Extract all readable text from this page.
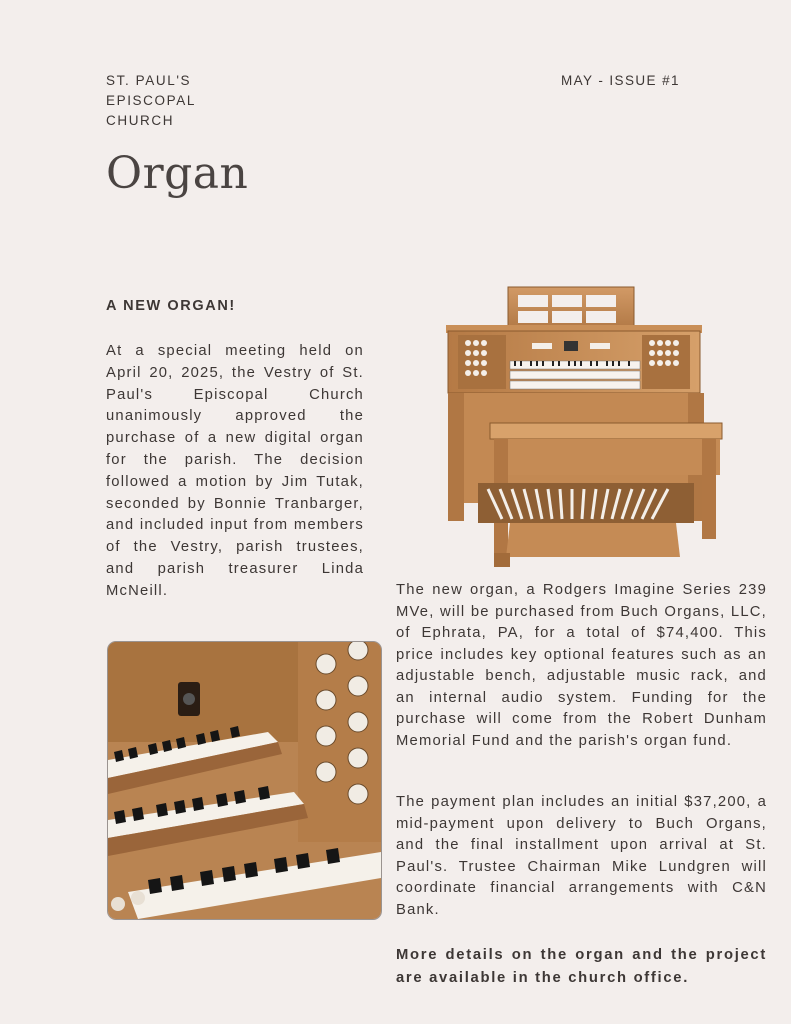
ST. PAUL'S EPISCOPAL CHURCH
MAY - ISSUE #1
Organ
A NEW ORGAN!

At a special meeting held on April 20, 2025, the Vestry of St. Paul's Episcopal Church unanimously approved the purchase of a new digital organ for the parish. The decision followed a motion by Jim Tutak, seconded by Bonnie Tranbarger, and included input from members of the Vestry, parish trustees, and parish treasurer Linda McNeill.	The new organ, a Rodgers Imagine Series 239 MVe, will be purchased from Buch Organs, LLC, of Ephrata, PA, for a total of $74,400. This price includes key optional features such as an adjustable bench, adjustable music rack, and an internal audio system. Funding for the purchase will come from the Robert Dunham Memorial Fund and the parish's organ fund.

The payment plan includes an initial $37,200, a mid-payment upon delivery to Buch Organs, and the final installment upon arrival at St. Paul's. Trustee Chairman Mike Lundgren will coordinate financial arrangements with C&N Bank.

More details on the organ and the project are available in the church office.
